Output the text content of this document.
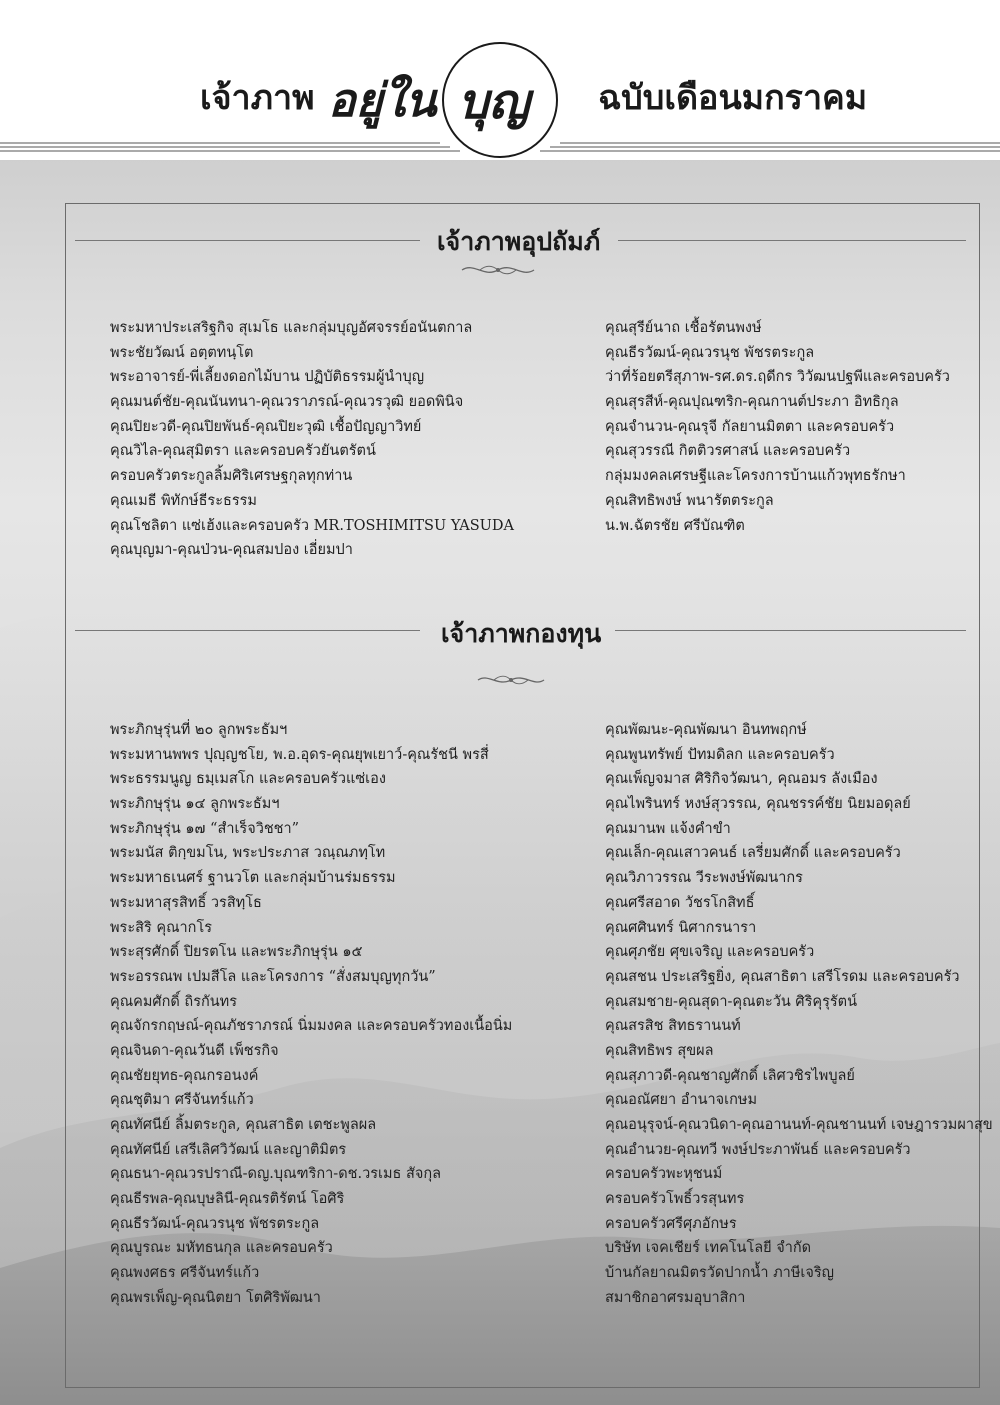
เจ้าภาพ อยู่ใน บุญ ฉบับเดือนมกราคม
เจ้าภาพอุปถัมภ์
พระมหาประเสริฐกิจ สุเมโธ และกลุ่มบุญอัศจรรย์อนันตกาล
พระชัยวัฒน์ อตฺตทนฺโต
พระอาจารย์-พี่เลี้ยงดอกไม้บาน ปฏิบัติธรรมผู้นำบุญ
คุณมนต์ชัย-คุณนันทนา-คุณวราภรณ์-คุณวรวุฒิ ยอดพินิจ
คุณปิยะวดี-คุณปิยพันธ์-คุณปิยะวุฒิ เชื้อปัญญาวิทย์
คุณวิไล-คุณสุมิตรา และครอบครัวยันตรัตน์
ครอบครัวตระกูลลิ้มศิริเศรษฐกุลทุกท่าน
คุณเมธี พิทักษ์ธีระธรรม
คุณโชลิตา แซ่เฮ้งและครอบครัว MR.TOSHIMITSU YASUDA
คุณบุญมา-คุณป่วน-คุณสมปอง เอี่ยมปา
คุณสุรีย์นาถ เชื้อรัตนพงษ์
คุณธีรวัฒน์-คุณวรนุช พัชรตระกูล
ว่าที่ร้อยตรีสุภาพ-รศ.ดร.ฤดีกร วิวัฒนปฐพีและครอบครัว
คุณสุรสีห์-คุณปุณฑริก-คุณกานต์ประภา อิทธิกุล
คุณจำนวน-คุณรุจี กัลยานมิตตา และครอบครัว
คุณสุวรรณี กิตติวรศาสน์ และครอบครัว
กลุ่มมงคลเศรษฐีและโครงการบ้านแก้วพุทธรักษา
คุณสิทธิพงษ์ พนารัตตระกูล
น.พ.ฉัตรชัย ศรีบัณฑิต
เจ้าภาพกองทุน
พระภิกษุรุ่นที่ ๒๐ ลูกพระธัมฯ
พระมหานพพร ปุญฺญชโย, พ.อ.อุดร-คุณยุพเยาว์-คุณรัชนี พรสี่
พระธรรมนูญ ธมฺเมสโก และครอบครัวแซ่เอง
พระภิกษุรุ่น ๑๔ ลูกพระธัมฯ
พระภิกษุรุ่น ๑๗ “สำเร็จวิชชา”
พระมนัส ติกฺขมโน, พระประภาส วณฺณภทฺโท
พระมหาธเนศร์ ฐานวโต และกลุ่มบ้านร่มธรรม
พระมหาสุรสิทธิ์ วรสิทฺโธ
พระสิริ คุณากโร
พระสุรศักดิ์ ปิยรตโน และพระภิกษุรุ่น ๑๕
พระอรรณพ เปมสีโล และโครงการ “สั่งสมบุญทุกวัน”
คุณคมศักดิ์ ถิรกันทร
คุณจักรกฤษณ์-คุณภัชราภรณ์ นิ่มมงคล และครอบครัวทองเนื้อนิ่ม
คุณจินดา-คุณวันดี เพ็ชรกิจ
คุณชัยยุทธ-คุณกรอนงค์
คุณชุติมา ศรีจันทร์แก้ว
คุณทัศนีย์ ลิ้มตระกูล, คุณสาธิต เตชะพูลผล
คุณทัศนีย์ เสรีเลิศวิวัฒน์ และญาติมิตร
คุณธนา-คุณวรปราณี-ดญ.บุณฑริกา-ดช.วรเมธ สัจกุล
คุณธีรพล-คุณบุษลินี-คุณรติรัตน์ โอศิริ
คุณธีรวัฒน์-คุณวรนุช พัชรตระกูล
คุณบูรณะ มหัทธนกุล และครอบครัว
คุณพงศธร ศรีจันทร์แก้ว
คุณพรเพ็ญ-คุณนิตยา โตศิริพัฒนา
คุณพัฒนะ-คุณพัฒนา อินทพฤกษ์
คุณพูนทรัพย์ ปัทมดิลก และครอบครัว
คุณเพ็ญจมาส ศิริกิจวัฒนา, คุณอมร ลังเมือง
คุณไพรินทร์ หงษ์สุวรรณ, คุณชรรค์ชัย นิยมอดุลย์
คุณมานพ แจ้งคำขำ
คุณเล็ก-คุณเสาวคนธ์ เลรี่ยมศักดิ์ และครอบครัว
คุณวิภาวรรณ วีระพงษ์พัฒนากร
คุณศรีสอาด วัชรโกสิทธิ์
คุณศศินทร์ นิศากรนารา
คุณศุภชัย ศุขเจริญ และครอบครัว
คุณสชน ประเสริฐยิ่ง, คุณสาธิตา เสรีโรดม และครอบครัว
คุณสมชาย-คุณสุดา-คุณตะวัน ศิริคุรุรัตน์
คุณสรสิช สิทธรานนท์
คุณสิทธิพร สุขผล
คุณสุภาวดี-คุณชาญศักดิ์ เลิศวชิรไพบูลย์
คุณอณัศยา อำนาจเกษม
คุณอนุรุจน์-คุณวนิดา-คุณอานนท์-คุณชานนท์ เจษฎารวมผาสุข
คุณอำนวย-คุณทวี พงษ์ประภาพันธ์ และครอบครัว
ครอบครัวพะหุชนม์
ครอบครัวโพธิ์วรสุนทร
ครอบครัวศรีศุภอักษร
บริษัท เจคเชียร์ เทคโนโลยี จำกัด
บ้านกัลยาณมิตรวัดปากน้ำ ภาษีเจริญ
สมาชิกอาศรมอุบาสิกา
